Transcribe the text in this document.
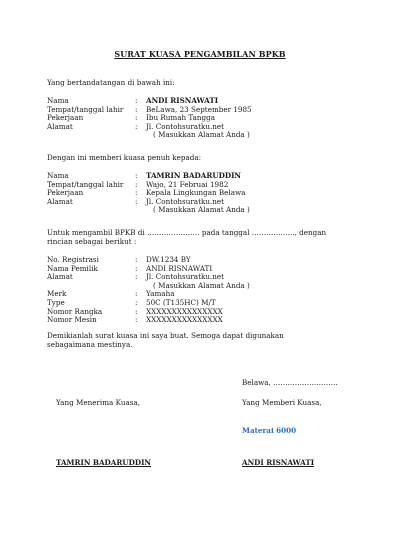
SURAT KUASA PENGAMBILAN BPKB
Yang bertandatangan di bawah ini:
Nama	:	ANDI RISNAWATI
Tempat/tanggal lahir	:	BeLawa, 23 September 1985
Pekerjaan	:	Ibu Rumah Tangga
Alamat	:	Jl. Contohsuratku.net
( Masukkan Alamat Anda )
Dengan ini memberi kuasa penuh kepada:
Nama	:	TAMRIN BADARUDDIN
Tempat/tanggal lahir	:	Wajo, 21 Februai 1982
Pekerjaan	:	Kepala Lingkungan Belawa
Alamat	:	Jl. Contohsuratku.net
( Masukkan Alamat Anda )
Untuk mengambil BPKB di …………………. pada tanggal ……………..., dengan
rincian sebagai berikut :
No. Registrasi	:	DW.1234 BY
Nama Pemilik	:	ANDI RISNAWATI
Alamat	:	Jl. Contohsuratku.net
( Masukkan Alamat Anda )
Merk	:	Yamaha
Type	:	50C (T135HC) M/T
Nomor Rangka	:	XXXXXXXXXXXXXXX
Nomor Mesin	:	XXXXXXXXXXXXXXX
Demikianlah surat kuasa ini saya buat. Semoga dapat digunakan
sebagaimana mestinya.
Belawa, ………………………
Yang Menerima Kuasa,	Yang Memberi Kuasa,
Materai 6000
TAMRIN BADARUDDIN	ANDI RISNAWATI
